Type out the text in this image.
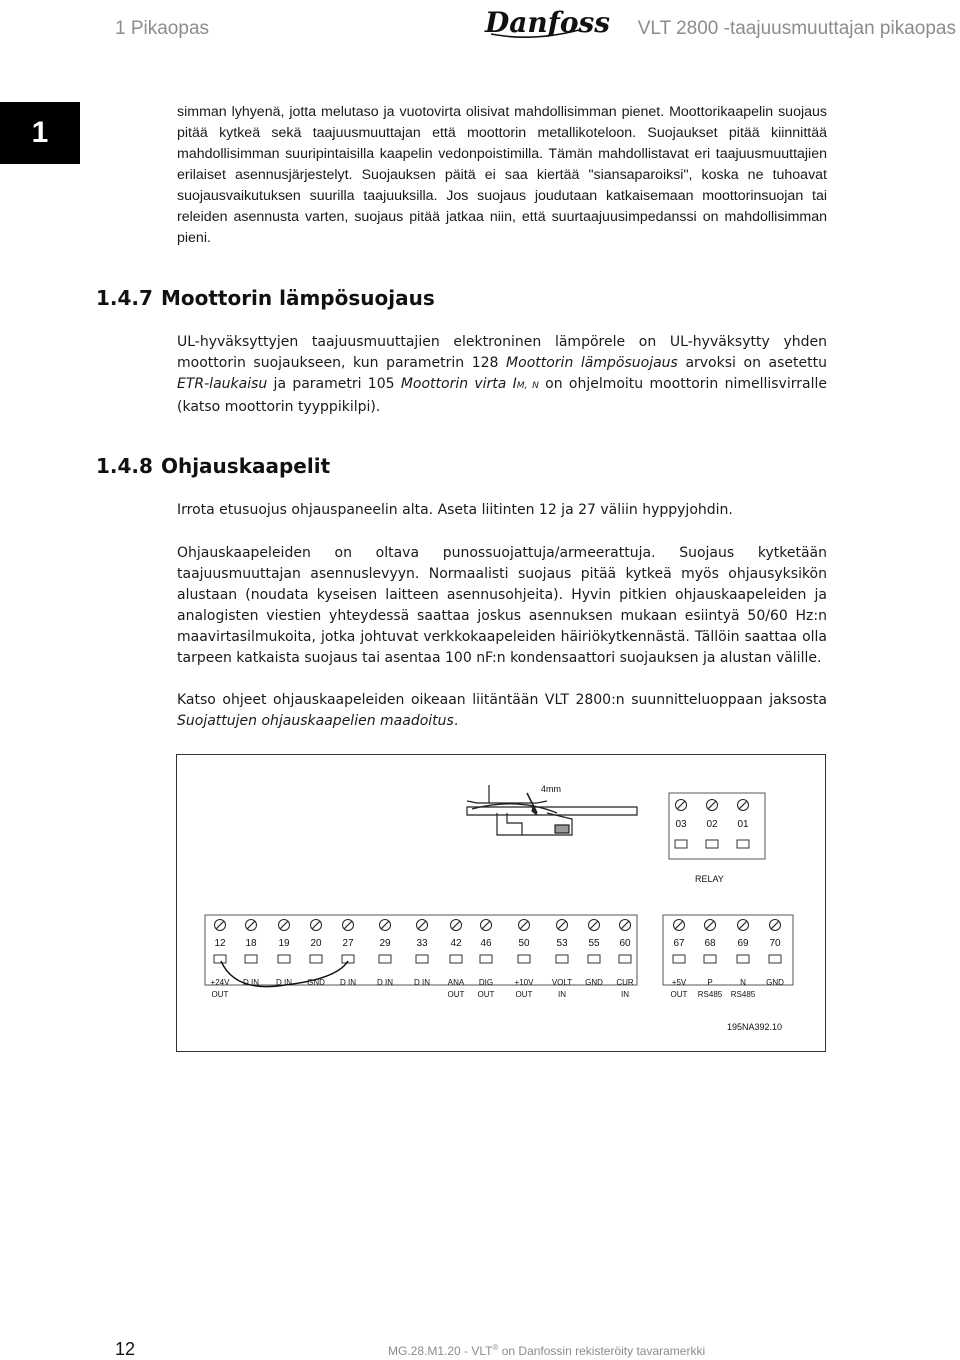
1 Pikaopas	Danfoss VLT 2800 -taajuusmuuttajan pikaopas
1

simman lyhyenä, jotta melutaso ja vuotovirta olisivat mahdollisimman pienet. Moottorikaapelin suojaus pitää kytkeä sekä taajuusmuuttajan että moottorin metallikoteloon. Suojaukset pitää kiinnittää mahdollisimman suuripintaisilla kaapelin vedonpoistimilla. Tämän mahdollistavat eri taajuusmuuttajien erilaiset asennusjärjestelyt. Suojauksen päitä ei saa kiertää "siansaparoiksi", koska ne tuhoavat suojausvaikutuksen suurilla taajuuksilla. Jos suojaus joudutaan katkaisemaan moottorinsuojan tai releiden asennusta varten, suojaus pitää jatkaa niin, että suurtaajuusimpedanssi on mahdollisimman pieni.

1.4.7 Moottorin lämpösuojaus

UL-hyväksyttyjen taajuusmuuttajien elektroninen lämpörele on UL-hyväksytty yhden moottorin suojaukseen, kun parametrin 128 Moottorin lämpösuojaus arvoksi on asetettu ETR-laukaisu ja parametri 105 Moottorin virta IM, N on ohjelmoitu moottorin nimellisvirralle (katso moottorin tyyppikilpi).

1.4.8 Ohjauskaapelit

Irrota etusuojus ohjauspaneelin alta. Aseta liitinten 12 ja 27 väliin hyppyjohdin.

Ohjauskaapeleiden on oltava punossuojattuja/armeerattuja. Suojaus kytketään taajuusmuuttajan asennuslevyyn. Normaalisti suojaus pitää kytkeä myös ohjausyksikön alustaan (noudata kyseisen laitteen asennusohjeita). Hyvin pitkien ohjauskaapeleiden ja analogisten viestien yhteydessä saattaa joskus asennuksen mukaan esiintyä 50/60 Hz:n maavirtasilmukoita, jotka johtuvat verkkokaapeleiden häiriökytkennästä. Tällöin saattaa olla tarpeen katkaista suojaus tai asentaa 100 nF:n kondensaattori suojauksen ja alustan välille.

Katso ohjeet ohjauskaapeleiden oikeaan liitäntään VLT 2800:n suunnitteluoppaan jaksosta Suojattujen ohjauskaapelien maadoitus.

4mm
03 02 01
RELAY
12
+24V
OUT
18
D IN
19
D IN
20
GND
27
D IN
29
D IN
33
D IN
42
ANA
OUT
46
DIG
OUT
50
+10V
OUT
53
VOLT
IN
55
GND
60
CUR
IN
67
+5V
OUT
68
P
RS485
69
N
RS485
70
GND
195NA392.10
12	MG.28.M1.20 - VLT® on Danfossin rekisteröity tavaramerkki
